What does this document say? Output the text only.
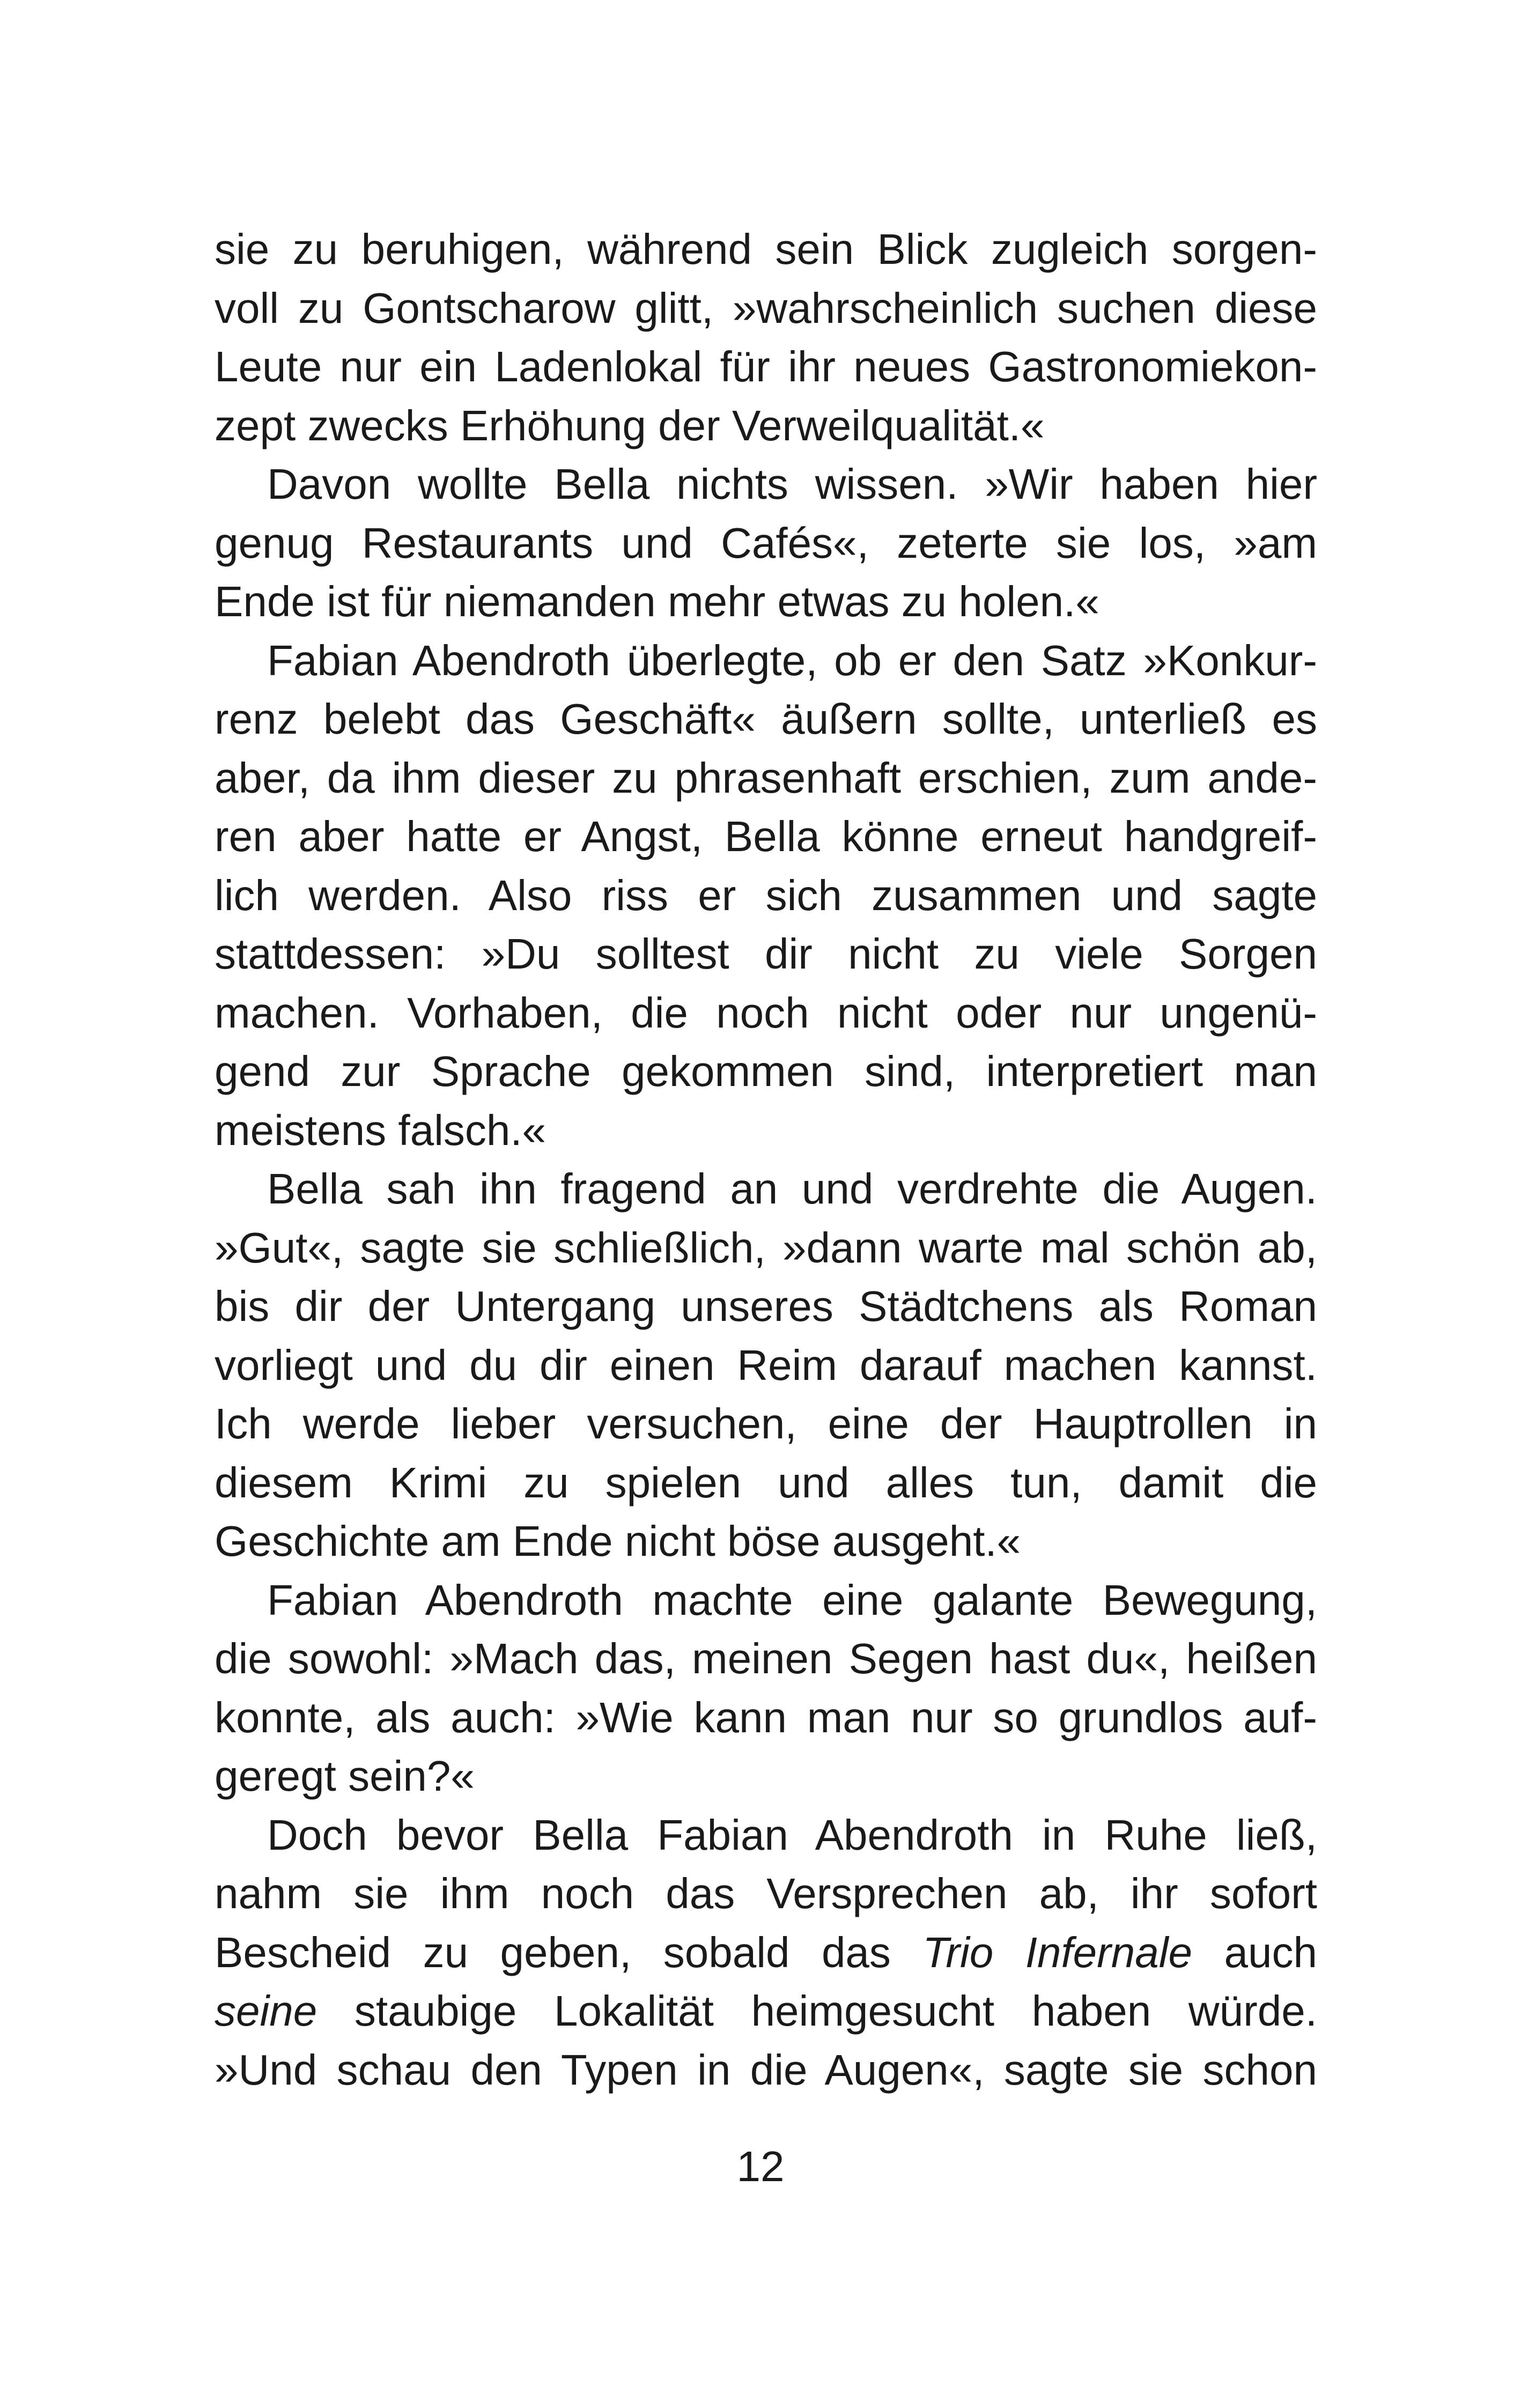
sie zu beruhigen, während sein Blick zugleich sorgen-
voll zu Gontscharow glitt, »wahrscheinlich suchen diese
Leute nur ein Ladenlokal für ihr neues Gastronomiekon-
zept zwecks Erhöhung der Verweilqualität.«
Davon wollte Bella nichts wissen. »Wir haben hier
genug Restaurants und Cafés«, zeterte sie los, »am
Ende ist für niemanden mehr etwas zu holen.«
Fabian Abendroth überlegte, ob er den Satz »Konkur-
renz belebt das Geschäft« äußern sollte, unterließ es
aber, da ihm dieser zu phrasenhaft erschien, zum ande-
ren aber hatte er Angst, Bella könne erneut handgreif-
lich werden. Also riss er sich zusammen und sagte
stattdessen: »Du solltest dir nicht zu viele Sorgen
machen. Vorhaben, die noch nicht oder nur ungenü-
gend zur Sprache gekommen sind, interpretiert man
meistens falsch.«
Bella sah ihn fragend an und verdrehte die Augen.
»Gut«, sagte sie schließlich, »dann warte mal schön ab,
bis dir der Untergang unseres Städtchens als Roman
vorliegt und du dir einen Reim darauf machen kannst.
Ich werde lieber versuchen, eine der Hauptrollen in
diesem Krimi zu spielen und alles tun, damit die
Geschichte am Ende nicht böse ausgeht.«
Fabian Abendroth machte eine galante Bewegung,
die sowohl: »Mach das, meinen Segen hast du«, heißen
konnte, als auch: »Wie kann man nur so grundlos auf-
geregt sein?«
Doch bevor Bella Fabian Abendroth in Ruhe ließ,
nahm sie ihm noch das Versprechen ab, ihr sofort
Bescheid zu geben, sobald das Trio Infernale auch
seine staubige Lokalität heimgesucht haben würde.
»Und schau den Typen in die Augen«, sagte sie schon
12
